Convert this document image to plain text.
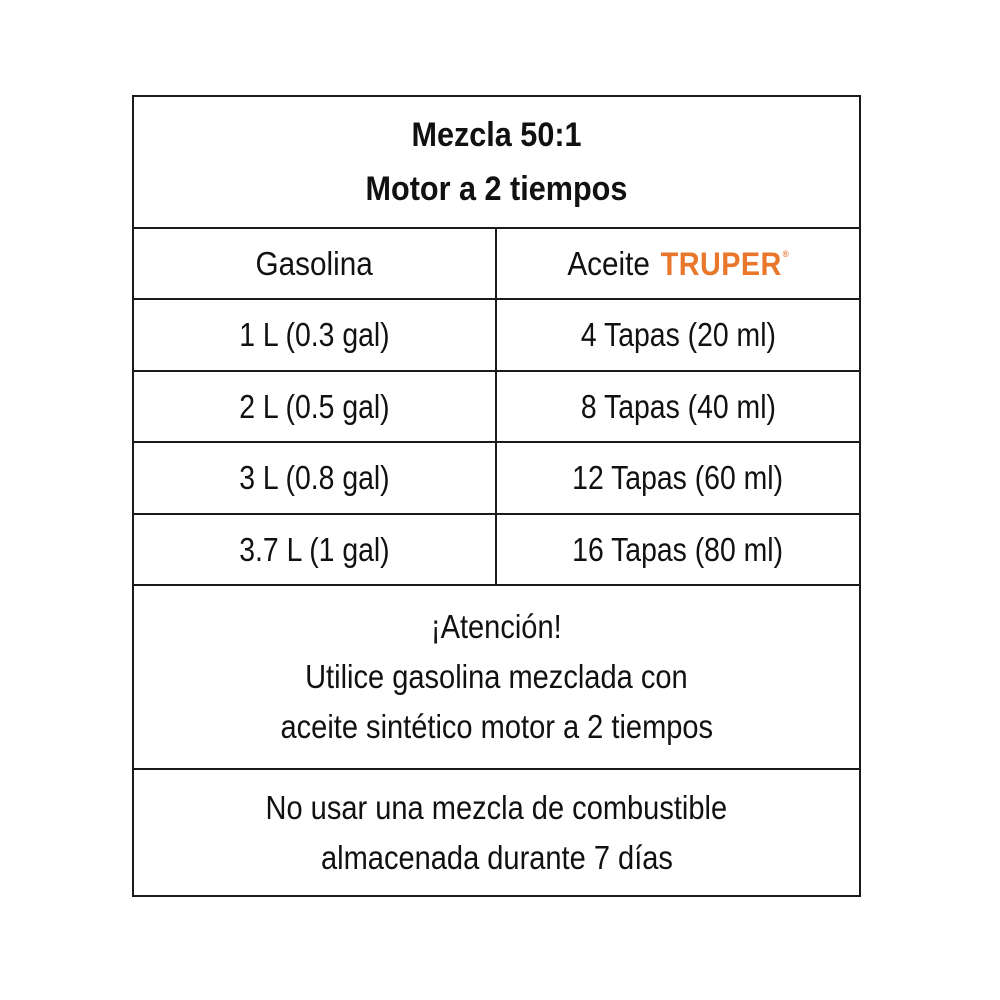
Mezcla 50:1
Motor a 2 tiempos
Gasolina	Aceite TRUPER®
1 L (0.3 gal)	4 Tapas (20 ml)
2 L (0.5 gal)	8 Tapas (40 ml)
3 L (0.8 gal)	12 Tapas (60 ml)
3.7 L (1 gal)	16 Tapas (80 ml)
¡Atención!
Utilice gasolina mezclada con
aceite sintético motor a 2 tiempos
No usar una mezcla de combustible
almacenada durante 7 días
